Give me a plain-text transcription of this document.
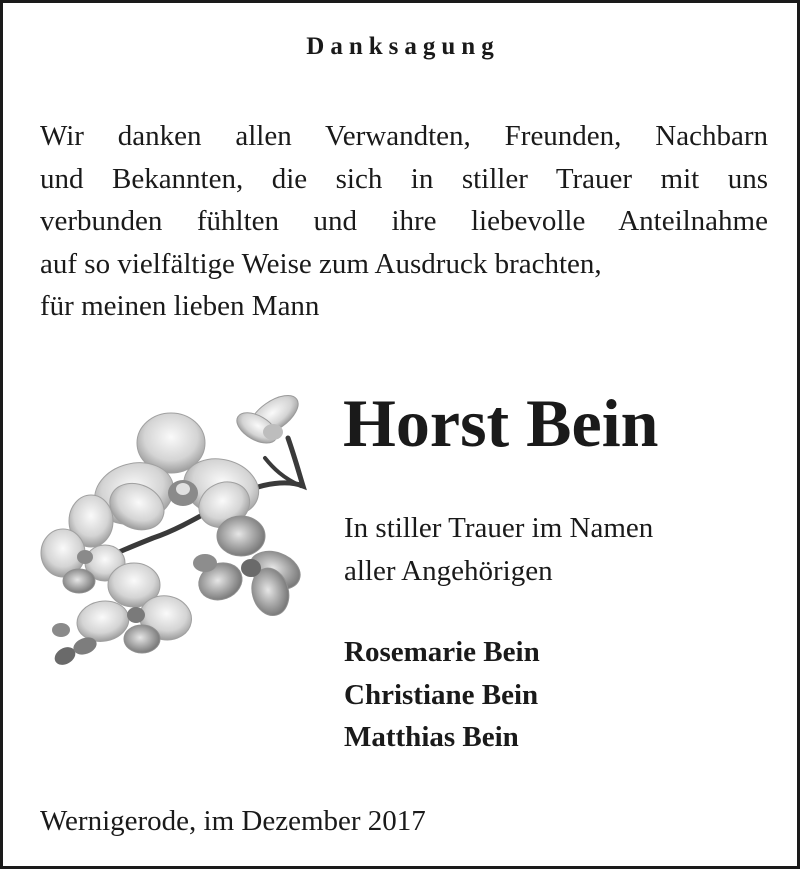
Danksagung

Wir danken allen Verwandten, Freunden, Nachbarn
und Bekannten, die sich in stiller Trauer mit uns
verbunden fühlten und ihre liebevolle Anteilnahme
auf so vielfältige Weise zum Ausdruck brachten,
für meinen lieben Mann

Horst Bein
In stiller Trauer im Namen
aller Angehörigen
Rosemarie Bein
Christiane Bein
Matthias Bein
Wernigerode, im Dezember 2017
